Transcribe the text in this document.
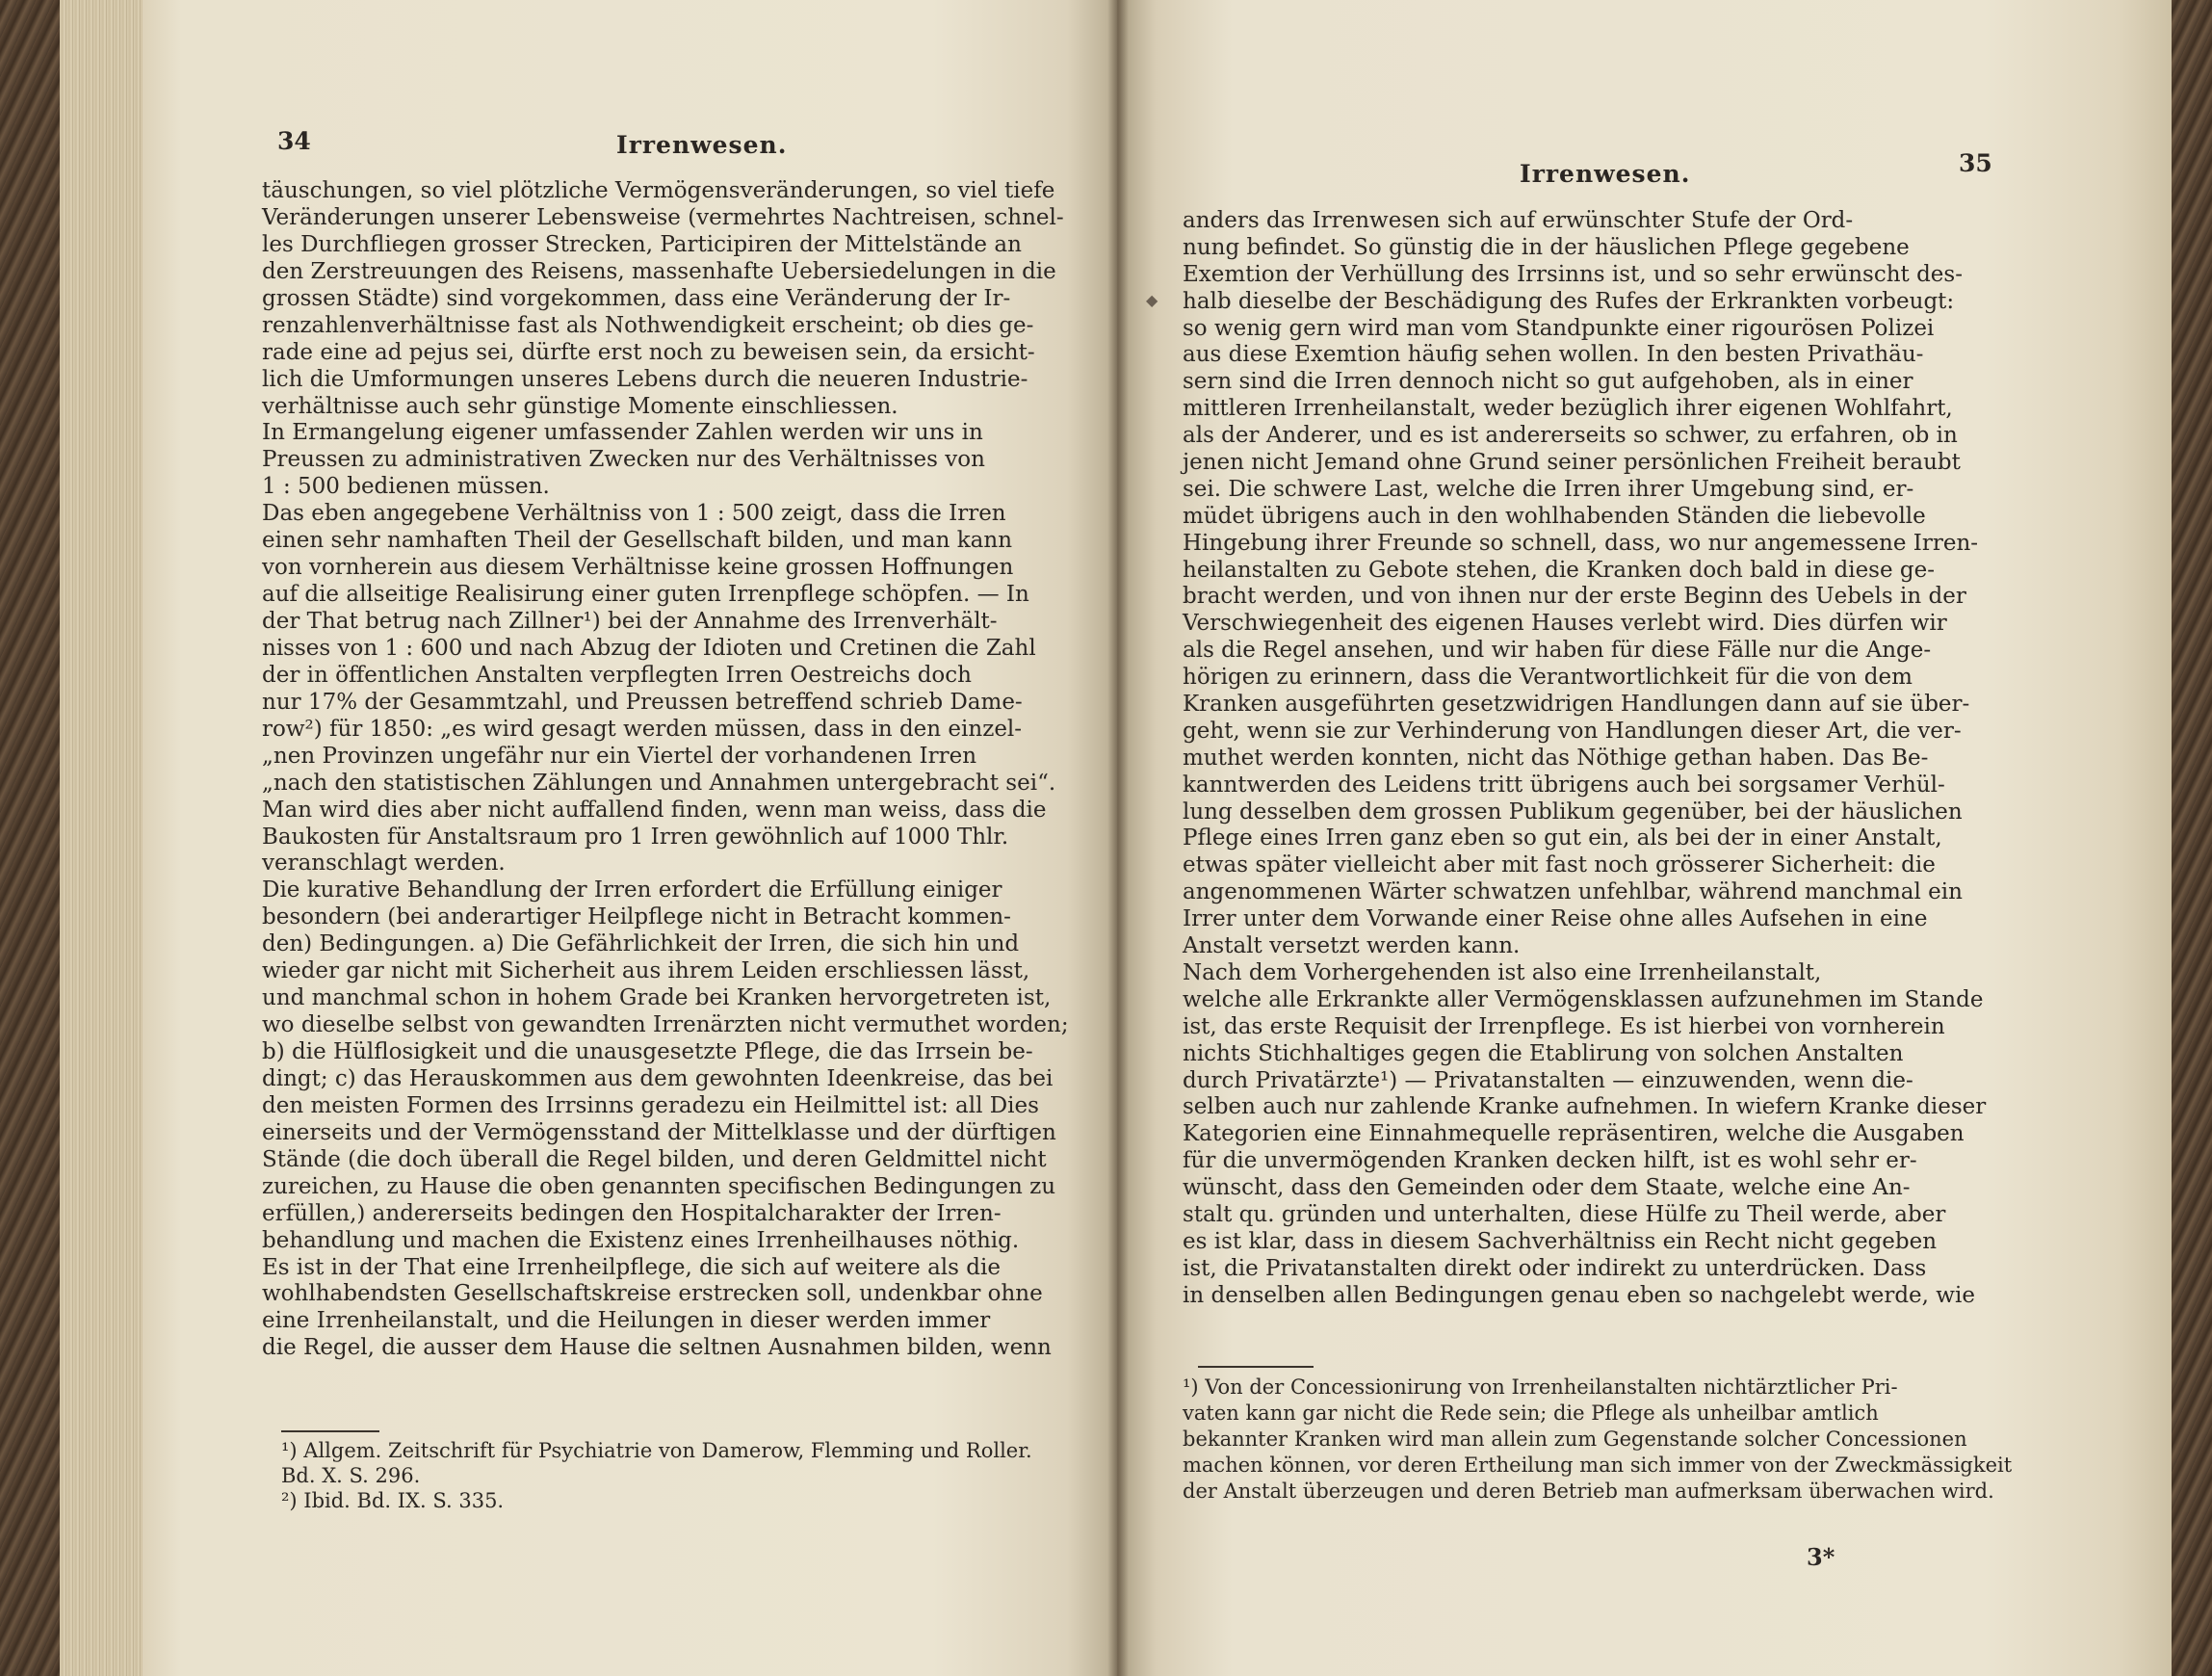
34	Irrenwesen.
täuschungen, so viel plötzliche Vermögensveränderungen, so viel tiefe
Veränderungen unserer Lebensweise (vermehrtes Nachtreisen, schnel-
les Durchfliegen grosser Strecken, Participiren der Mittelstände an
den Zerstreuungen des Reisens, massenhafte Uebersiedelungen in die
grossen Städte) sind vorgekommen, dass eine Veränderung der Ir-
renzahlenverhältnisse fast als Nothwendigkeit erscheint; ob dies ge-
rade eine ad pejus sei, dürfte erst noch zu beweisen sein, da ersicht-
lich die Umformungen unseres Lebens durch die neueren Industrie-
verhältnisse auch sehr günstige Momente einschliessen.
In Ermangelung eigener umfassender Zahlen werden wir uns in
Preussen zu administrativen Zwecken nur des Verhältnisses von
1 : 500 bedienen müssen.
Das eben angegebene Verhältniss von 1 : 500 zeigt, dass die Irren
einen sehr namhaften Theil der Gesellschaft bilden, und man kann
von vornherein aus diesem Verhältnisse keine grossen Hoffnungen
auf die allseitige Realisirung einer guten Irrenpflege schöpfen. — In
der That betrug nach Zillner¹) bei der Annahme des Irrenverhält-
nisses von 1 : 600 und nach Abzug der Idioten und Cretinen die Zahl
der in öffentlichen Anstalten verpflegten Irren Oestreichs doch
nur 17% der Gesammtzahl, und Preussen betreffend schrieb Dame-
row²) für 1850: „es wird gesagt werden müssen, dass in den einzel-
„nen Provinzen ungefähr nur ein Viertel der vorhandenen Irren
„nach den statistischen Zählungen und Annahmen untergebracht sei“.
Man wird dies aber nicht auffallend finden, wenn man weiss, dass die
Baukosten für Anstaltsraum pro 1 Irren gewöhnlich auf 1000 Thlr.
veranschlagt werden.
Die kurative Behandlung der Irren erfordert die Erfüllung einiger
besondern (bei anderartiger Heilpflege nicht in Betracht kommen-
den) Bedingungen. a) Die Gefährlichkeit der Irren, die sich hin und
wieder gar nicht mit Sicherheit aus ihrem Leiden erschliessen lässt,
und manchmal schon in hohem Grade bei Kranken hervorgetreten ist,
wo dieselbe selbst von gewandten Irrenärzten nicht vermuthet worden;
b) die Hülflosigkeit und die unausgesetzte Pflege, die das Irrsein be-
dingt; c) das Herauskommen aus dem gewohnten Ideenkreise, das bei
den meisten Formen des Irrsinns geradezu ein Heilmittel ist: all Dies
einerseits und der Vermögensstand der Mittelklasse und der dürftigen
Stände (die doch überall die Regel bilden, und deren Geldmittel nicht
zureichen, zu Hause die oben genannten specifischen Bedingungen zu
erfüllen,) andererseits bedingen den Hospitalcharakter der Irren-
behandlung und machen die Existenz eines Irrenheilhauses nöthig.
Es ist in der That eine Irrenheilpflege, die sich auf weitere als die
wohlhabendsten Gesellschaftskreise erstrecken soll, undenkbar ohne
eine Irrenheilanstalt, und die Heilungen in dieser werden immer
die Regel, die ausser dem Hause die seltnen Ausnahmen bilden, wenn
◆
¹) Allgem. Zeitschrift für Psychiatrie von Damerow, Flemming und Roller.
Bd. X. S. 296.
²) Ibid. Bd. IX. S. 335.
Irrenwesen.	35
anders das Irrenwesen sich auf erwünschter Stufe der Ord-
nung befindet. So günstig die in der häuslichen Pflege gegebene
Exemtion der Verhüllung des Irrsinns ist, und so sehr erwünscht des-
halb dieselbe der Beschädigung des Rufes der Erkrankten vorbeugt:
so wenig gern wird man vom Standpunkte einer rigourösen Polizei
aus diese Exemtion häufig sehen wollen. In den besten Privathäu-
sern sind die Irren dennoch nicht so gut aufgehoben, als in einer
mittleren Irrenheilanstalt, weder bezüglich ihrer eigenen Wohlfahrt,
als der Anderer, und es ist andererseits so schwer, zu erfahren, ob in
jenen nicht Jemand ohne Grund seiner persönlichen Freiheit beraubt
sei. Die schwere Last, welche die Irren ihrer Umgebung sind, er-
müdet übrigens auch in den wohlhabenden Ständen die liebevolle
Hingebung ihrer Freunde so schnell, dass, wo nur angemessene Irren-
heilanstalten zu Gebote stehen, die Kranken doch bald in diese ge-
bracht werden, und von ihnen nur der erste Beginn des Uebels in der
Verschwiegenheit des eigenen Hauses verlebt wird. Dies dürfen wir
als die Regel ansehen, und wir haben für diese Fälle nur die Ange-
hörigen zu erinnern, dass die Verantwortlichkeit für die von dem
Kranken ausgeführten gesetzwidrigen Handlungen dann auf sie über-
geht, wenn sie zur Verhinderung von Handlungen dieser Art, die ver-
muthet werden konnten, nicht das Nöthige gethan haben. Das Be-
kanntwerden des Leidens tritt übrigens auch bei sorgsamer Verhül-
lung desselben dem grossen Publikum gegenüber, bei der häuslichen
Pflege eines Irren ganz eben so gut ein, als bei der in einer Anstalt,
etwas später vielleicht aber mit fast noch grösserer Sicherheit: die
angenommenen Wärter schwatzen unfehlbar, während manchmal ein
Irrer unter dem Vorwande einer Reise ohne alles Aufsehen in eine
Anstalt versetzt werden kann.
Nach dem Vorhergehenden ist also eine Irrenheilanstalt,
welche alle Erkrankte aller Vermögensklassen aufzunehmen im Stande
ist, das erste Requisit der Irrenpflege. Es ist hierbei von vornherein
nichts Stichhaltiges gegen die Etablirung von solchen Anstalten
durch Privatärzte¹) — Privatanstalten — einzuwenden, wenn die-
selben auch nur zahlende Kranke aufnehmen. In wiefern Kranke dieser
Kategorien eine Einnahmequelle repräsentiren, welche die Ausgaben
für die unvermögenden Kranken decken hilft, ist es wohl sehr er-
wünscht, dass den Gemeinden oder dem Staate, welche eine An-
stalt qu. gründen und unterhalten, diese Hülfe zu Theil werde, aber
es ist klar, dass in diesem Sachverhältniss ein Recht nicht gegeben
ist, die Privatanstalten direkt oder indirekt zu unterdrücken. Dass
in denselben allen Bedingungen genau eben so nachgelebt werde, wie
¹) Von der Concessionirung von Irrenheilanstalten nichtärztlicher Pri-
vaten kann gar nicht die Rede sein; die Pflege als unheilbar amtlich
bekannter Kranken wird man allein zum Gegenstande solcher Concessionen
machen können, vor deren Ertheilung man sich immer von der Zweckmässigkeit
der Anstalt überzeugen und deren Betrieb man aufmerksam überwachen wird.
3*
